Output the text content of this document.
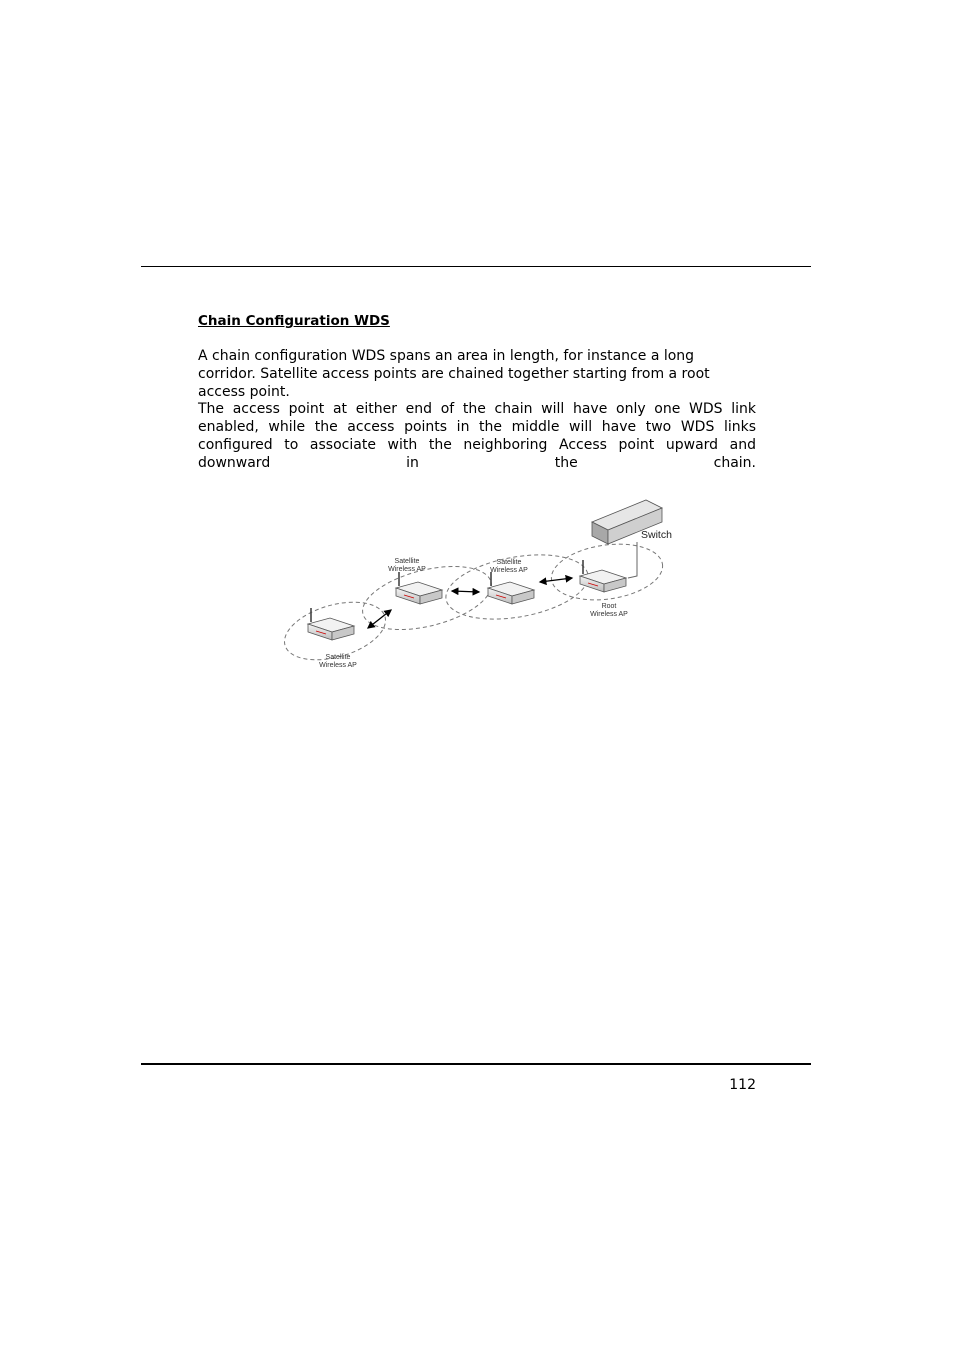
Chain Configuration WDS
A chain configuration WDS spans an area in length, for instance a long corridor. Satellite access points are chained together starting from a root access point.
The access point at either end of the chain will have only one WDS link enabled, while the access points in the middle will have two WDS links configured to associate with the neighboring Access point upward and downward in the chain.
Switch
Satellite
Wireless AP
Satellite
Wireless AP
Satellite
Wireless AP
Root
Wireless AP
112
